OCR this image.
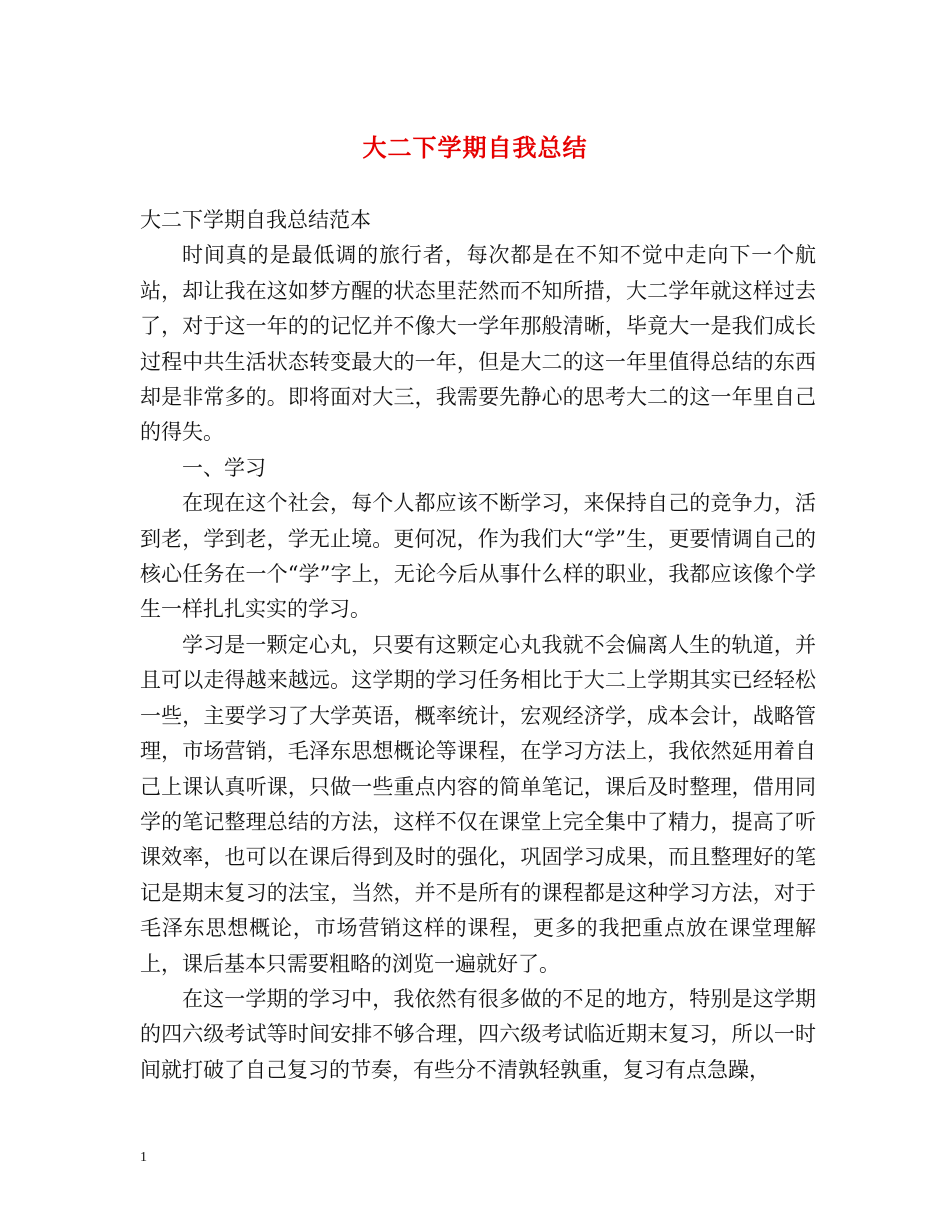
大二下学期自我总结

大二下学期自我总结范本

时间真的是最低调的旅行者，每次都是在不知不觉中走向下一个航站，却让我在这如梦方醒的状态里茫然而不知所措，大二学年就这样过去了，对于这一年的的记忆并不像大一学年那般清晰，毕竟大一是我们成长过程中共生活状态转变最大的一年，但是大二的这一年里值得总结的东西却是非常多的。即将面对大三，我需要先静心的思考大二的这一年里自己的得失。

一、学习

在现在这个社会，每个人都应该不断学习，来保持自己的竞争力，活到老，学到老，学无止境。更何况，作为我们大“学”生，更要情调自己的核心任务在一个“学”字上，无论今后从事什么样的职业，我都应该像个学生一样扎扎实实的学习。

学习是一颗定心丸，只要有这颗定心丸我就不会偏离人生的轨道，并且可以走得越来越远。这学期的学习任务相比于大二上学期其实已经轻松一些，主要学习了大学英语，概率统计，宏观经济学，成本会计，战略管理，市场营销，毛泽东思想概论等课程，在学习方法上，我依然延用着自己上课认真听课，只做一些重点内容的简单笔记，课后及时整理，借用同学的笔记整理总结的方法，这样不仅在课堂上完全集中了精力，提高了听课效率，也可以在课后得到及时的强化，巩固学习成果，而且整理好的笔记是期末复习的法宝，当然，并不是所有的课程都是这种学习方法，对于毛泽东思想概论，市场营销这样的课程，更多的我把重点放在课堂理解上，课后基本只需要粗略的浏览一遍就好了。

在这一学期的学习中，我依然有很多做的不足的地方，特别是这学期的四六级考试等时间安排不够合理，四六级考试临近期末复习，所以一时间就打破了自己复习的节奏，有些分不清孰轻孰重，复习有点急躁，

1
